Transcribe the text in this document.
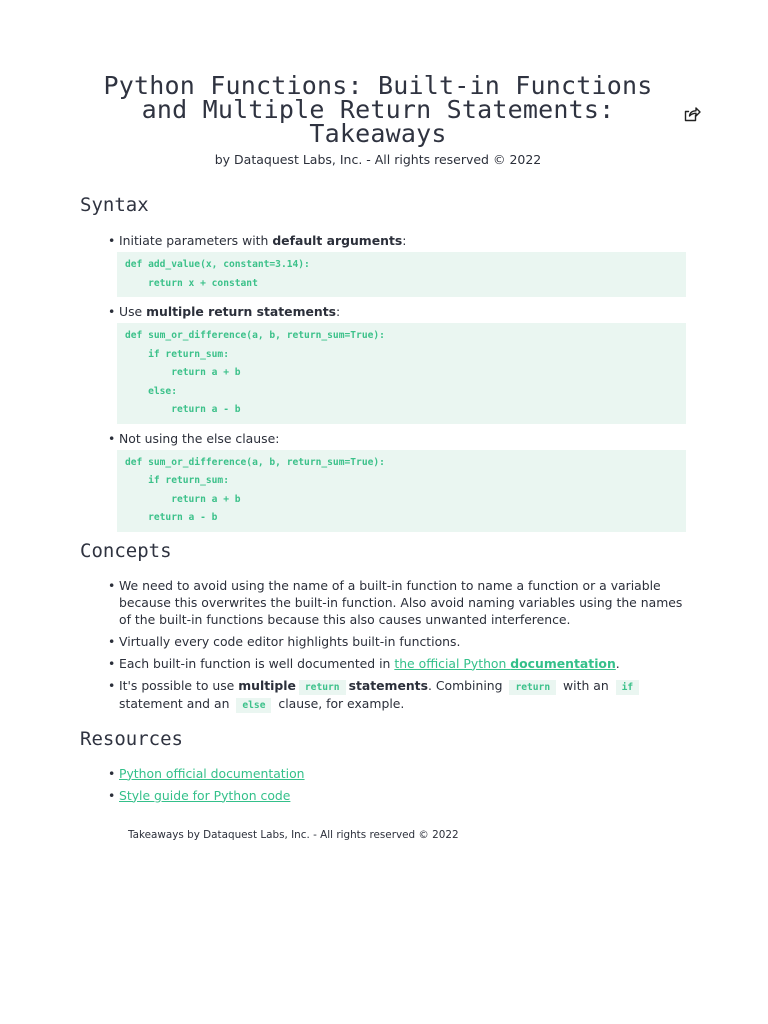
Python Functions: Built-in Functions
and Multiple Return Statements:
Takeaways
by Dataquest Labs, Inc. - All rights reserved © 2022
Syntax
• Initiate parameters with default arguments:
def add_value(x, constant=3.14):
return x + constant
• Use multiple return statements:
def sum_or_difference(a, b, return_sum=True):
if return_sum:
return a + b
else:
return a - b
• Not using the else clause:
def sum_or_difference(a, b, return_sum=True):
if return_sum:
return a + b
return a - b
Concepts
• We need to avoid using the name of a built-in function to name a function or a variable because this overwrites the built-in function. Also avoid naming variables using the names of the built-in functions because this also causes unwanted interference.
• Virtually every code editor highlights built-in functions.
• Each built-in function is well documented in the official Python documentation.
• It's possible to use multiple return statements. Combining return with an if statement and an else clause, for example.
Resources
• Python official documentation
• Style guide for Python code
Takeaways by Dataquest Labs, Inc. - All rights reserved © 2022
